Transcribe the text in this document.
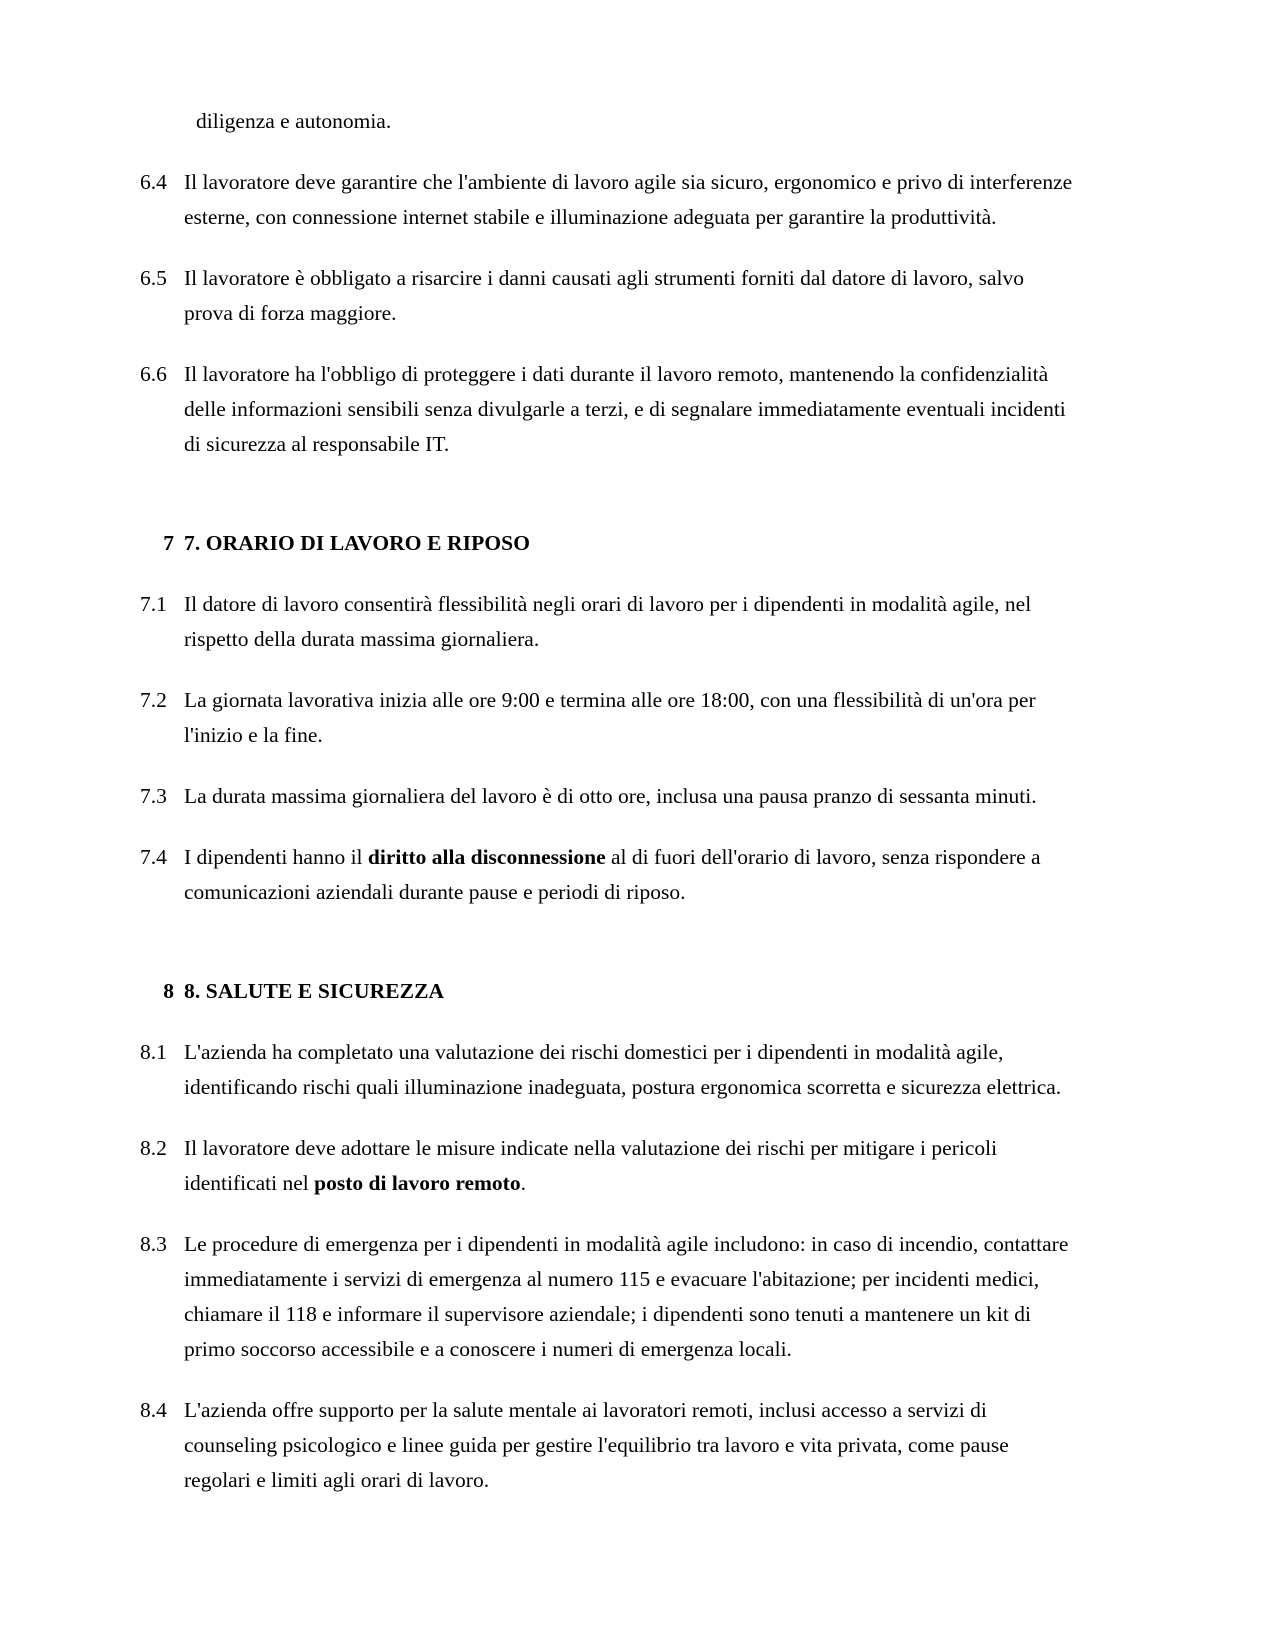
diligenza e autonomia.

6.4 Il lavoratore deve garantire che l'ambiente di lavoro agile sia sicuro, ergonomico e privo di interferenze esterne, con connessione internet stabile e illuminazione adeguata per garantire la produttività.
6.5 Il lavoratore è obbligato a risarcire i danni causati agli strumenti forniti dal datore di lavoro, salvo prova di forza maggiore.
6.6 Il lavoratore ha l'obbligo di proteggere i dati durante il lavoro remoto, mantenendo la confidenzialità delle informazioni sensibili senza divulgarle a terzi, e di segnalare immediatamente eventuali incidenti di sicurezza al responsabile IT.
7 7. ORARIO DI LAVORO E RIPOSO
7.1 Il datore di lavoro consentirà flessibilità negli orari di lavoro per i dipendenti in modalità agile, nel rispetto della durata massima giornaliera.
7.2 La giornata lavorativa inizia alle ore 9:00 e termina alle ore 18:00, con una flessibilità di un'ora per l'inizio e la fine.
7.3 La durata massima giornaliera del lavoro è di otto ore, inclusa una pausa pranzo di sessanta minuti.
7.4 I dipendenti hanno il diritto alla disconnessione al di fuori dell'orario di lavoro, senza rispondere a comunicazioni aziendali durante pause e periodi di riposo.
8 8. SALUTE E SICUREZZA
8.1 L'azienda ha completato una valutazione dei rischi domestici per i dipendenti in modalità agile, identificando rischi quali illuminazione inadeguata, postura ergonomica scorretta e sicurezza elettrica.
8.2 Il lavoratore deve adottare le misure indicate nella valutazione dei rischi per mitigare i pericoli identificati nel posto di lavoro remoto.
8.3 Le procedure di emergenza per i dipendenti in modalità agile includono: in caso di incendio, contattare immediatamente i servizi di emergenza al numero 115 e evacuare l'abitazione; per incidenti medici, chiamare il 118 e informare il supervisore aziendale; i dipendenti sono tenuti a mantenere un kit di primo soccorso accessibile e a conoscere i numeri di emergenza locali.
8.4 L'azienda offre supporto per la salute mentale ai lavoratori remoti, inclusi accesso a servizi di counseling psicologico e linee guida per gestire l'equilibrio tra lavoro e vita privata, come pause regolari e limiti agli orari di lavoro.
